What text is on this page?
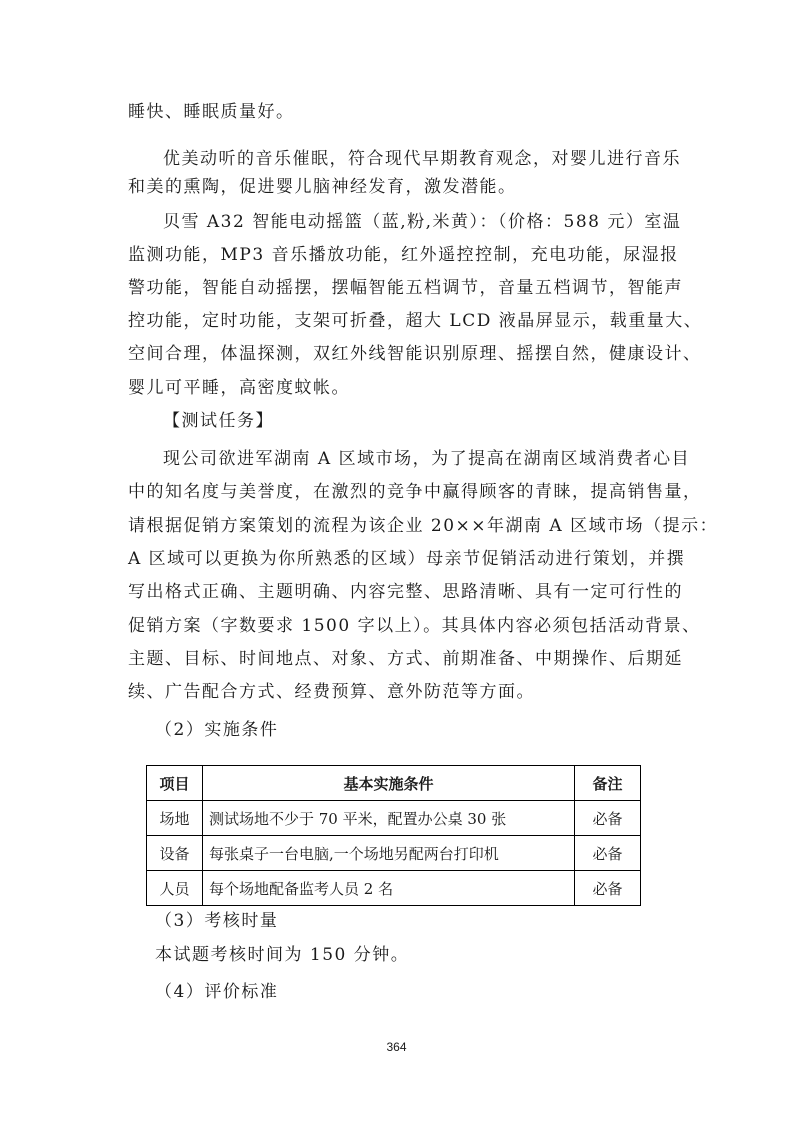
睡快、睡眠质量好。
优美动听的音乐催眠，符合现代早期教育观念，对婴儿进行音乐
和美的熏陶，促进婴儿脑神经发育，激发潜能。
贝雪 A32 智能电动摇篮（蓝,粉,米黄）：（价格：588 元）室温
监测功能，MP3 音乐播放功能，红外遥控控制，充电功能，尿湿报
警功能，智能自动摇摆，摆幅智能五档调节，音量五档调节，智能声
控功能，定时功能，支架可折叠，超大 LCD 液晶屏显示，载重量大、
空间合理，体温探测，双红外线智能识别原理、摇摆自然，健康设计、
婴儿可平睡，高密度蚊帐。
【测试任务】
现公司欲进军湖南 A 区域市场，为了提高在湖南区域消费者心目
中的知名度与美誉度，在激烈的竞争中赢得顾客的青睐，提高销售量，
请根据促销方案策划的流程为该企业 20××年湖南 A 区域市场（提示：
A 区域可以更换为你所熟悉的区域）母亲节促销活动进行策划，并撰
写出格式正确、主题明确、内容完整、思路清晰、具有一定可行性的
促销方案（字数要求 1500 字以上）。其具体内容必须包括活动背景、
主题、目标、时间地点、对象、方式、前期准备、中期操作、后期延
续、广告配合方式、经费预算、意外防范等方面。
（2）实施条件
项目	基本实施条件	备注
场地	测试场地不少于 70 平米，配置办公桌 30 张	必备
设备	每张桌子一台电脑,一个场地另配两台打印机	必备
人员	每个场地配备监考人员 2 名	必备
（3）考核时量
本试题考核时间为 150 分钟。
（4）评价标准
364
